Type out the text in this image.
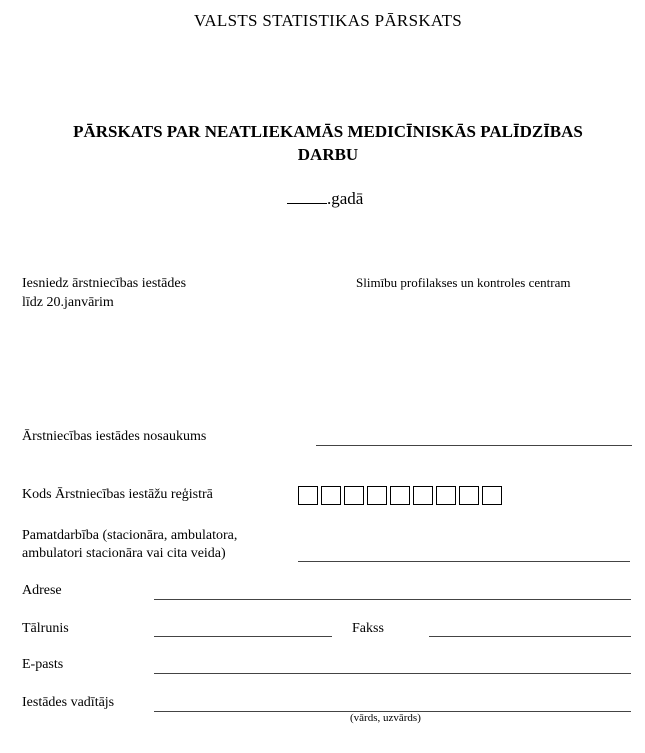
VALSTS STATISTIKAS PĀRSKATS
PĀRSKATS PAR NEATLIEKAMĀS MEDICĪNISKĀS PALĪDZĪBAS
DARBU
.gadā
Iesniedz ārstniecības iestādes
līdz 20.janvārim
Slimību profilakses un kontroles centram
Ārstniecības iestādes nosaukums
Kods Ārstniecības iestāžu reģistrā
Pamatdarbība (stacionāra, ambulatora,
ambulatori stacionāra vai cita veida)
Adrese
Tālrunis	Fakss
E-pasts
Iestādes vadītājs
(vārds, uzvārds)
